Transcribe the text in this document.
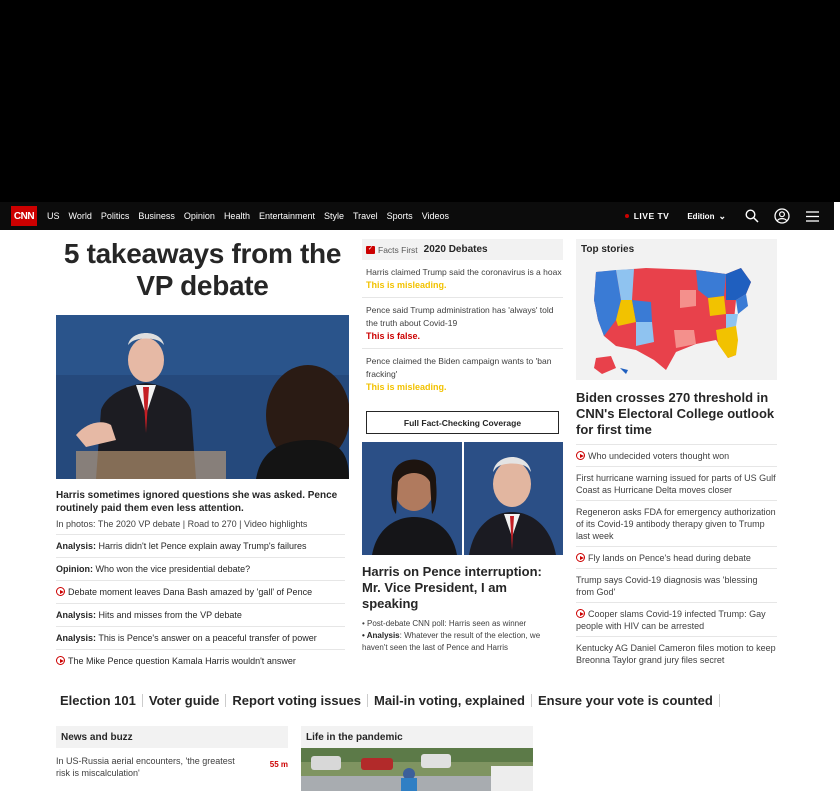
CNN	US World Politics Business Opinion Health Entertainment Style Travel Sports Videos	LIVE TV Edition ⌄
5 takeaways from the VP debate
Harris sometimes ignored questions she was asked. Pence routinely paid them even less attention.
In photos: The 2020 VP debate | Road to 270 | Video highlights
Analysis: Harris didn't let Pence explain away Trump's failures
Opinion: Who won the vice presidential debate?
Debate moment leaves Dana Bash amazed by 'gall' of Pence
Analysis: Hits and misses from the VP debate
Analysis: This is Pence's answer on a peaceful transfer of power
The Mike Pence question Kamala Harris wouldn't answer
✓
Facts First 2020 Debates
Harris claimed Trump said the coronavirus is a hoax
This is misleading.
Pence said Trump administration has 'always' told the truth about Covid-19
This is false.
Pence claimed the Biden campaign wants to 'ban fracking'
This is misleading.
Full Fact-Checking Coverage
Harris on Pence interruption: Mr. Vice President, I am speaking
• Post-debate CNN poll: Harris seen as winner
• Analysis: Whatever the result of the election, we haven't seen the last of Pence and Harris
Top stories
Biden crosses 270 threshold in CNN's Electoral College outlook for first time
Who undecided voters thought won
First hurricane warning issued for parts of US Gulf Coast as Hurricane Delta moves closer
Regeneron asks FDA for emergency authorization of its Covid-19 antibody therapy given to Trump last week
Fly lands on Pence's head during debate
Trump says Covid-19 diagnosis was 'blessing from God'
Cooper slams Covid-19 infected Trump: Gay people with HIV can be arrested
Kentucky AG Daniel Cameron files motion to keep Breonna Taylor grand jury files secret
Election 101 Voter guide Report voting issues Mail-in voting, explained Ensure your vote is counted
News and buzz
In US-Russia aerial encounters, 'the greatest risk is miscalculation'
55 m
Life in the pandemic
